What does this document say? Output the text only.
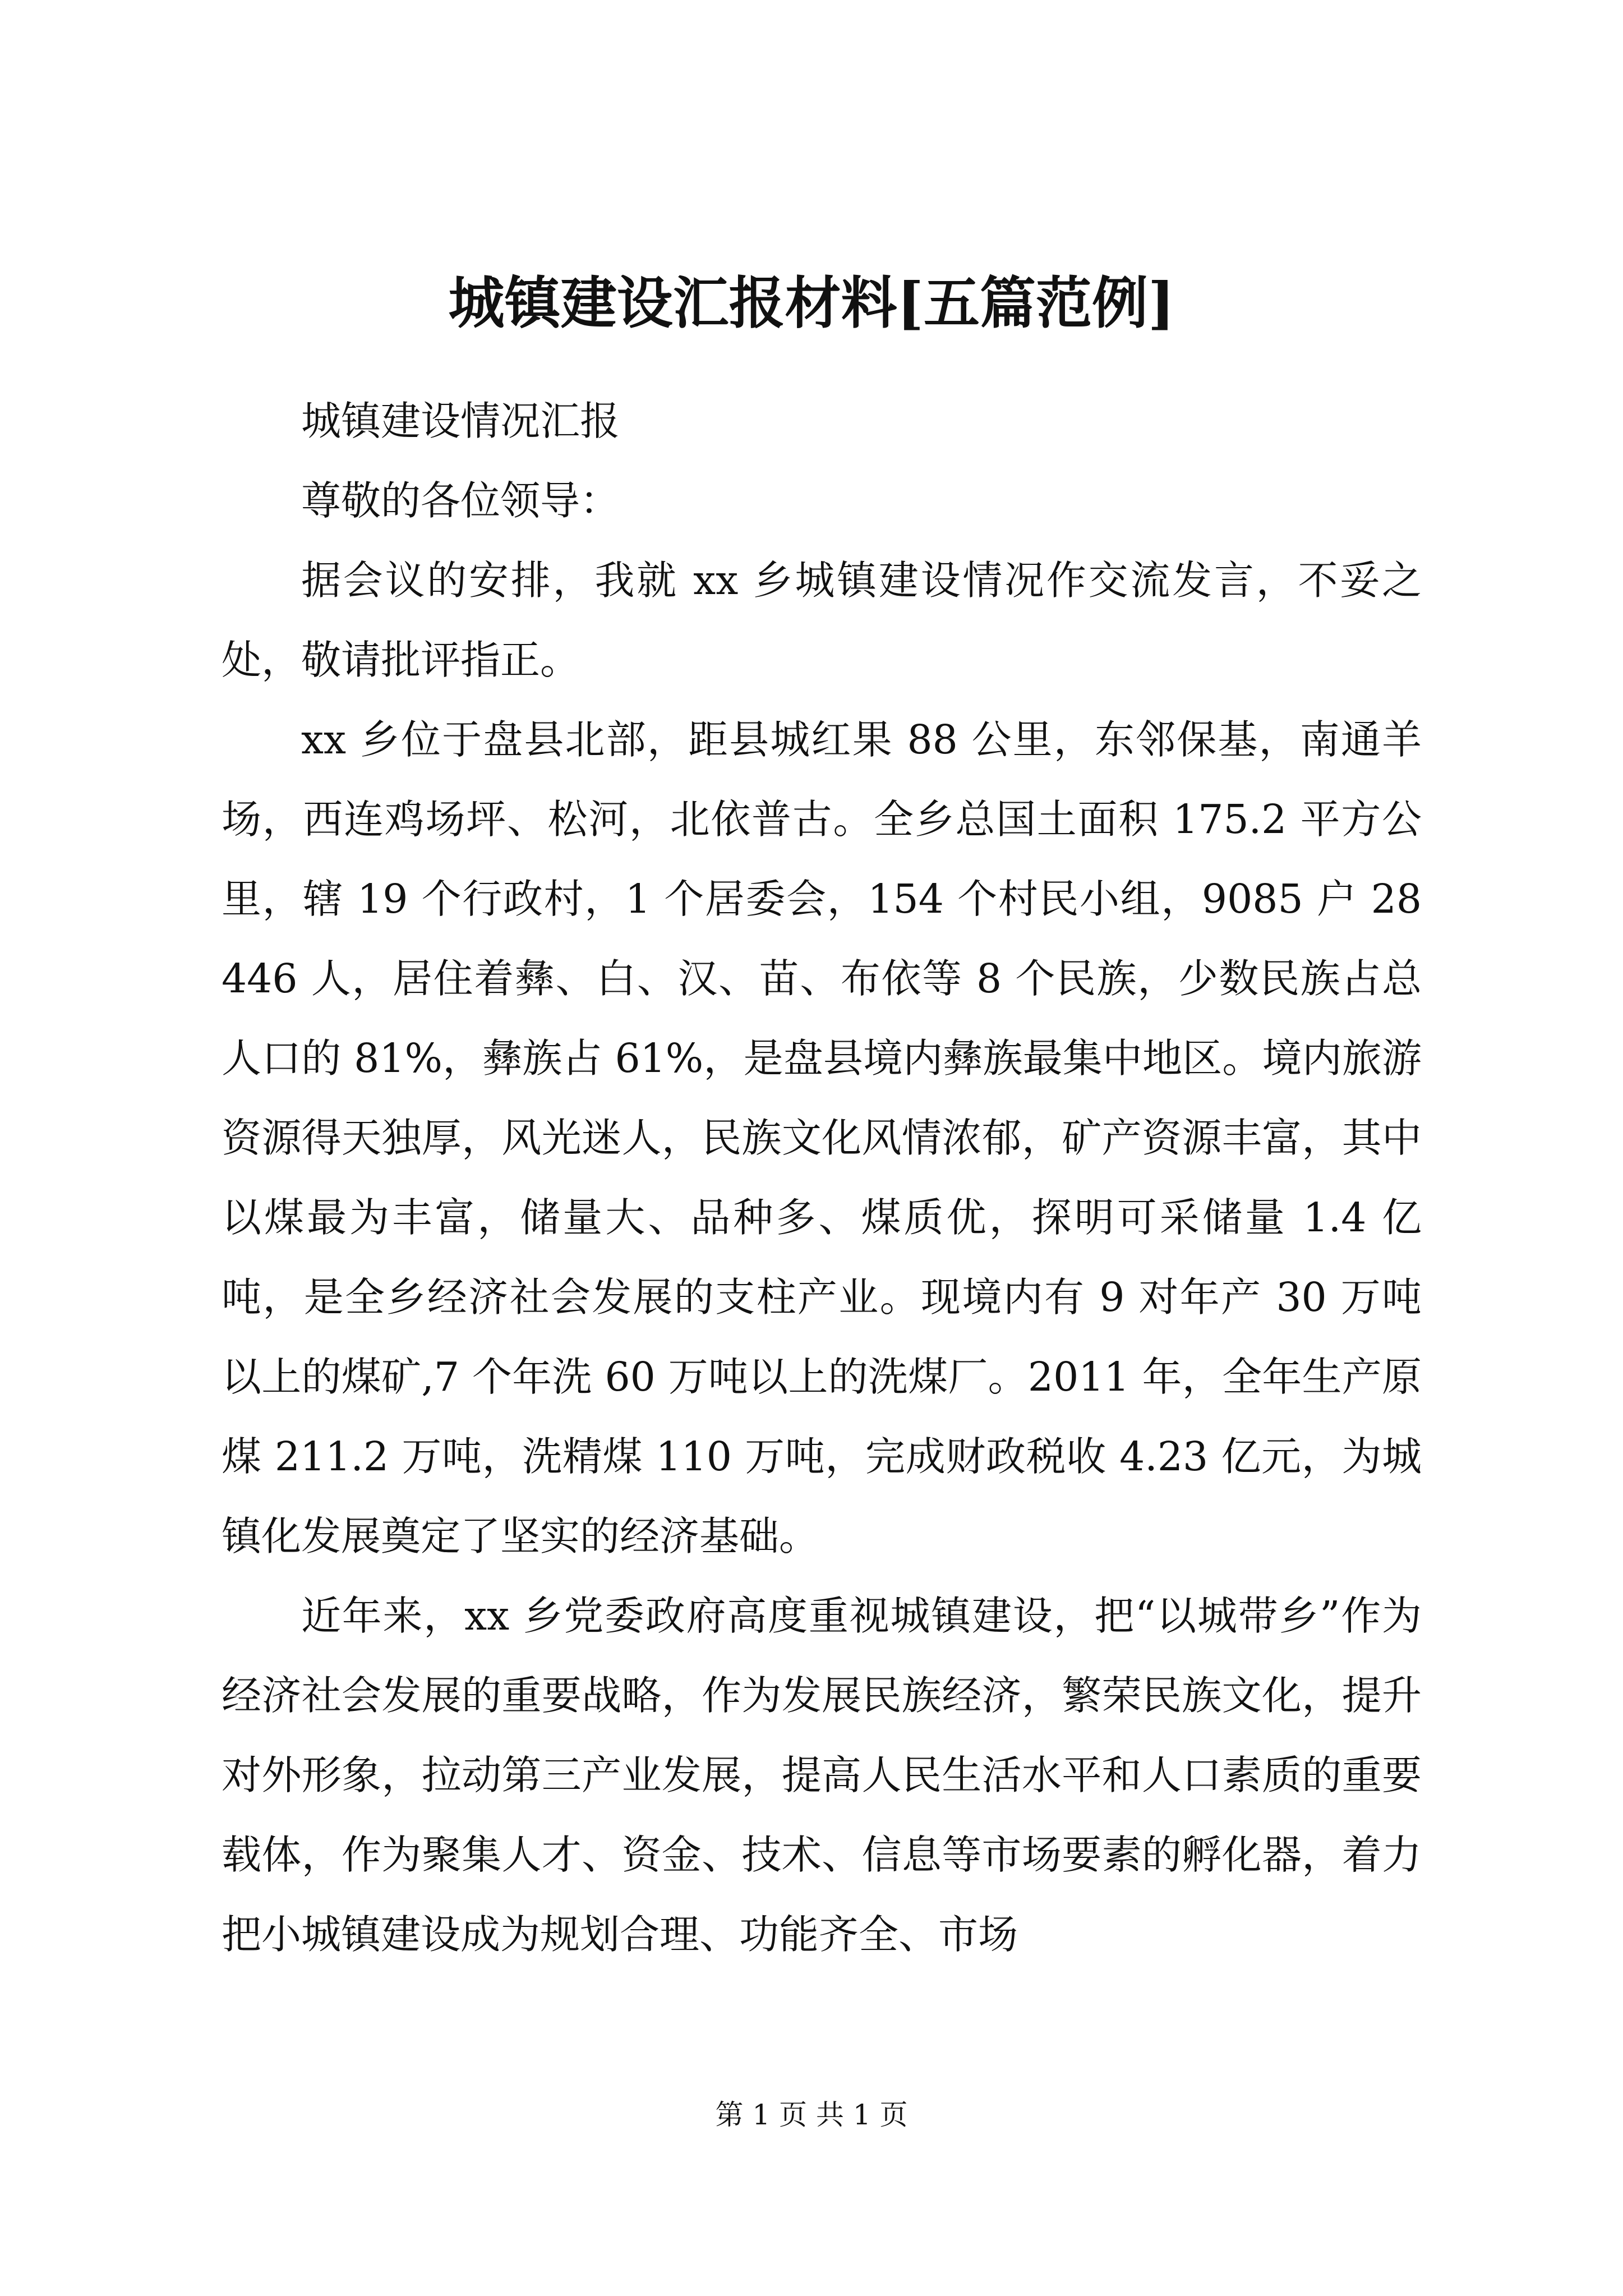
城镇建设汇报材料[五篇范例]

城镇建设情况汇报

尊敬的各位领导：

据会议的安排，我就 xx 乡城镇建设情况作交流发言，不妥之处，敬请批评指正。

xx 乡位于盘县北部，距县城红果 88 公里，东邻保基，南通羊场，西连鸡场坪、松河，北依普古。全乡总国土面积 175.2 平方公里，辖 19 个行政村，1 个居委会，154 个村民小组，9085 户 28446 人，居住着彝、白、汉、苗、布依等 8 个民族，少数民族占总人口的 81%，彝族占 61%，是盘县境内彝族最集中地区。境内旅游资源得天独厚，风光迷人，民族文化风情浓郁，矿产资源丰富，其中以煤最为丰富，储量大、品种多、煤质优，探明可采储量 1.4 亿吨，是全乡经济社会发展的支柱产业。现境内有 9 对年产 30 万吨以上的煤矿,7 个年洗 60 万吨以上的洗煤厂。2011 年，全年生产原煤 211.2 万吨，洗精煤 110 万吨，完成财政税收 4.23 亿元，为城镇化发展奠定了坚实的经济基础。

近年来，xx 乡党委政府高度重视城镇建设，把“以城带乡”作为经济社会发展的重要战略，作为发展民族经济，繁荣民族文化，提升对外形象，拉动第三产业发展，提高人民生活水平和人口素质的重要载体，作为聚集人才、资金、技术、信息等市场要素的孵化器，着力把小城镇建设成为规划合理、功能齐全、市场

第 1 页 共 1 页
